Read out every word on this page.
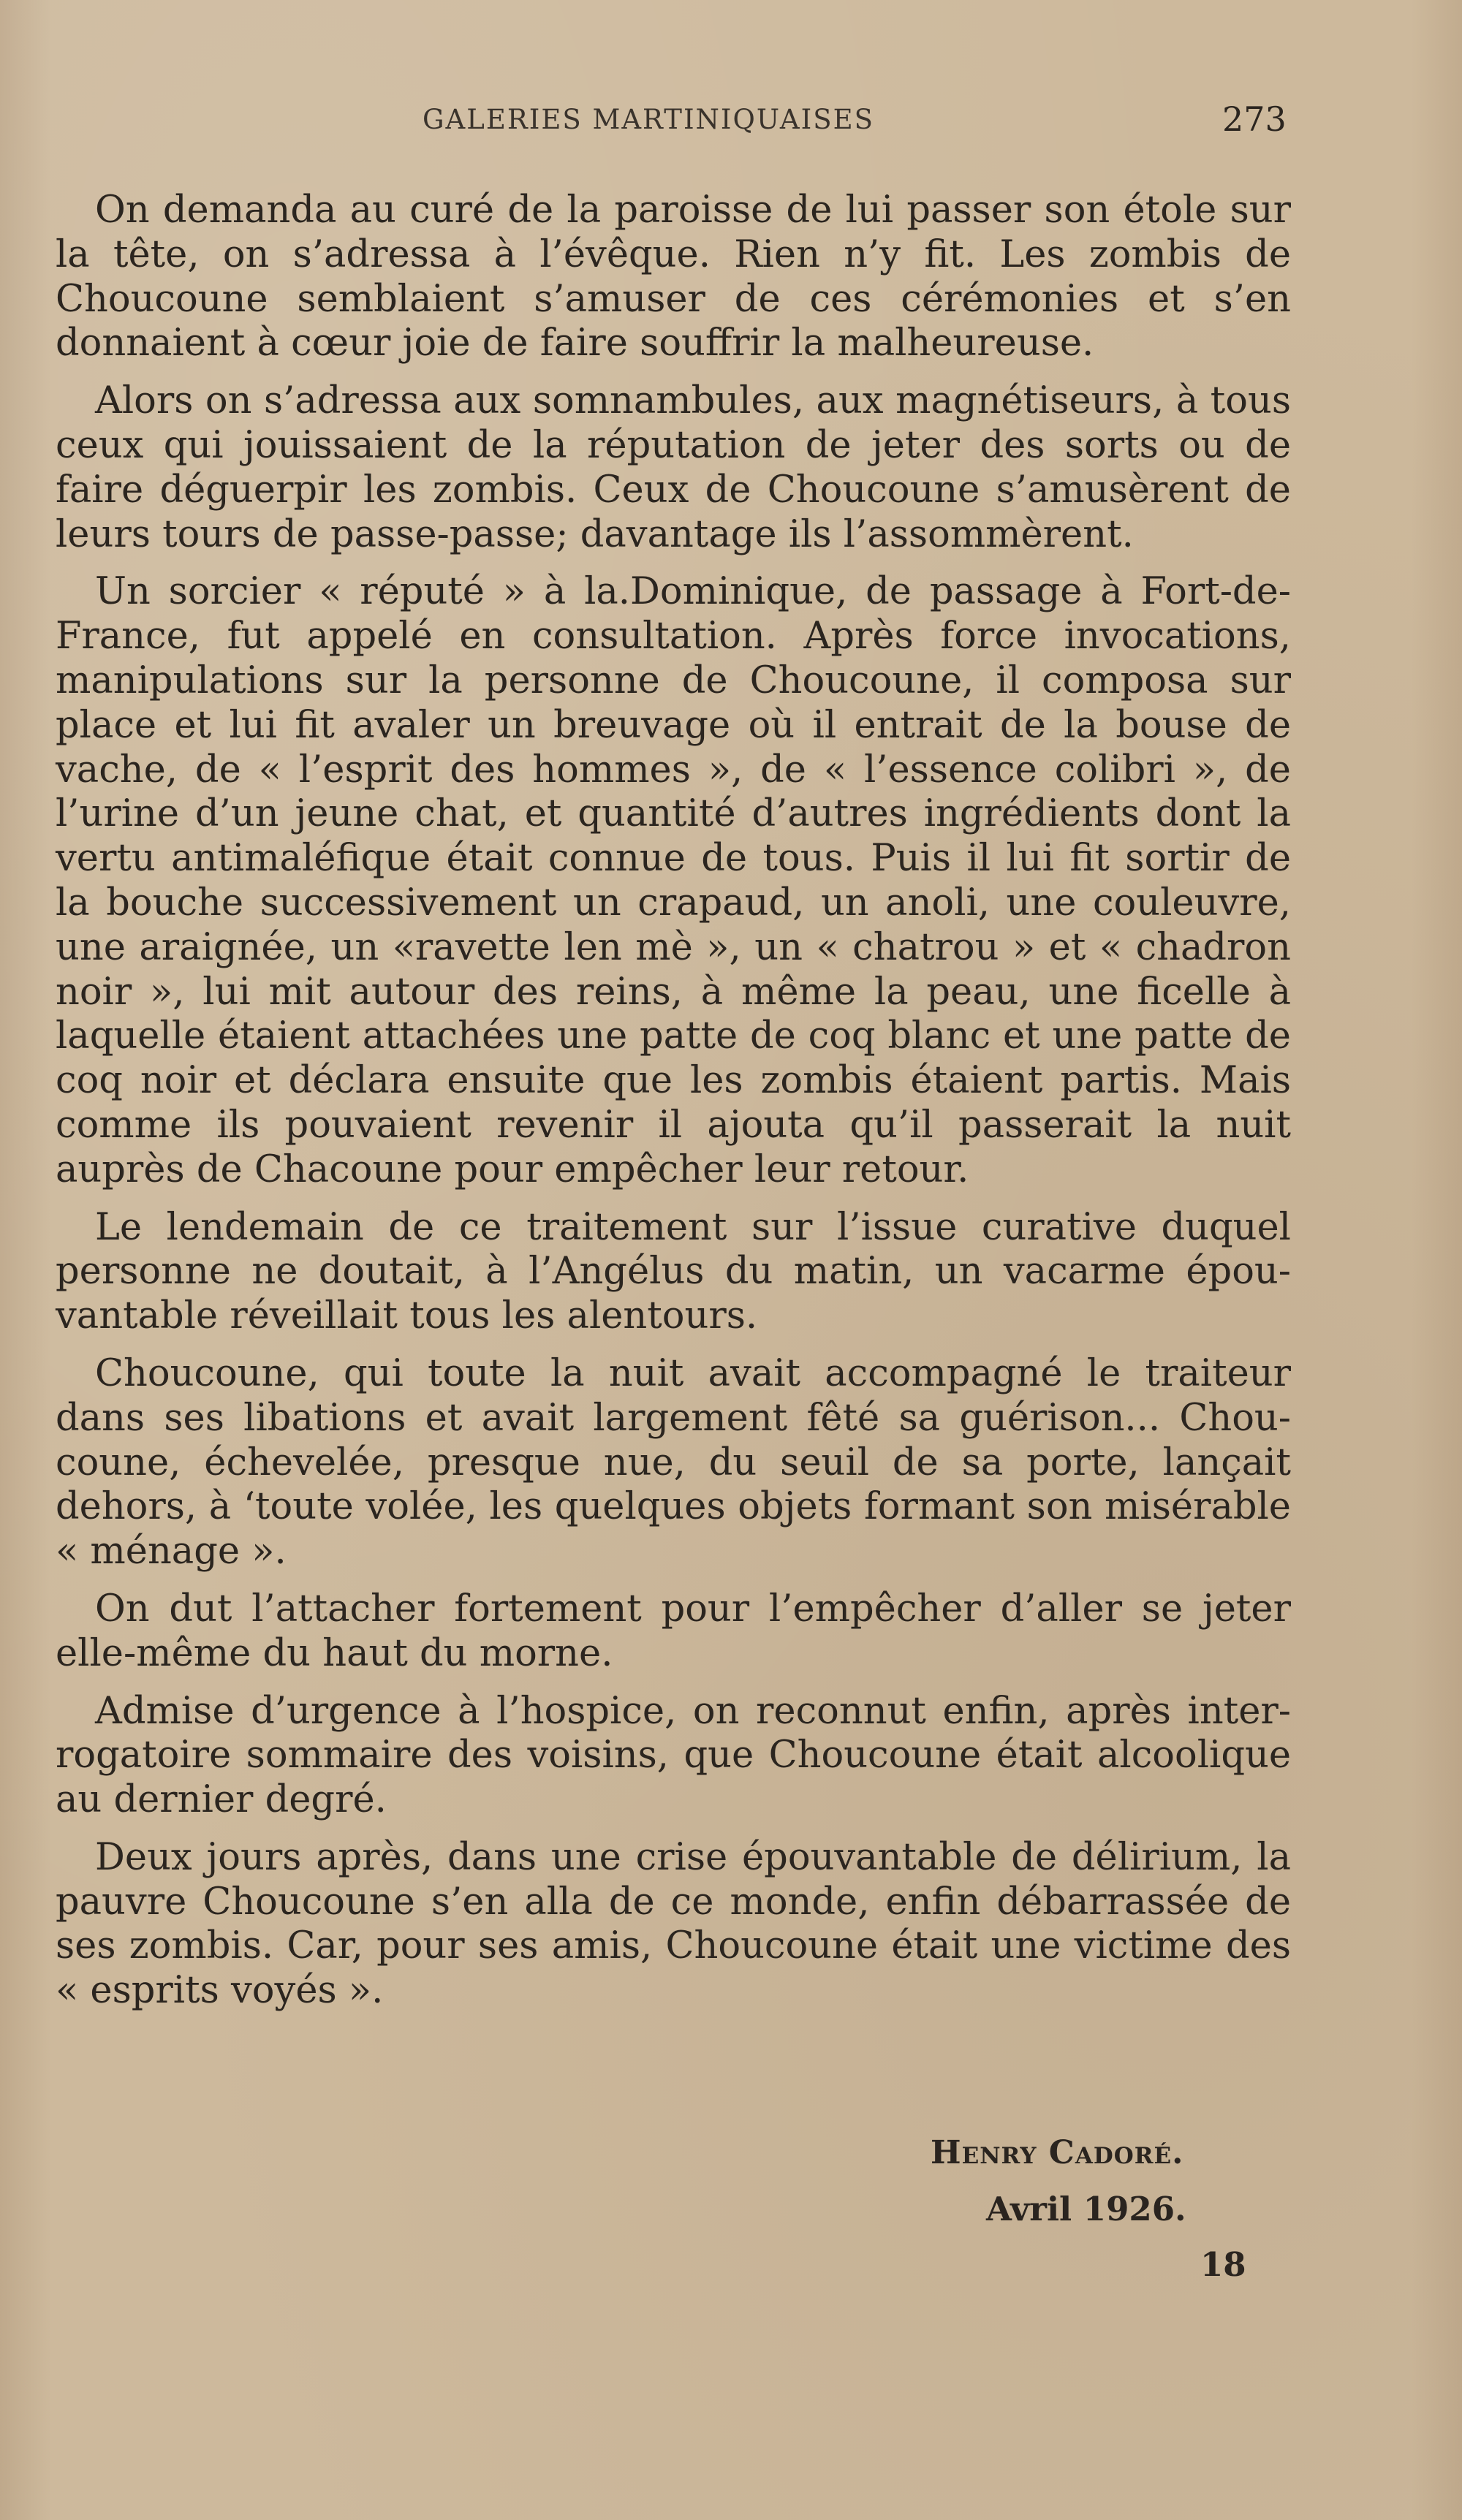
GALERIES MARTINIQUAISES	273

On demanda au curé de la paroisse de lui passer son étole sur la tête, on s’adressa à l’évêque. Rien n’y fit. Les zombis de Choucoune semblaient s’amuser de ces cérémonies et s’en donnaient à cœur joie de faire souffrir la malheureuse.

Alors on s’adressa aux somnambules, aux magnétiseurs, à tous ceux qui jouissaient de la réputation de jeter des sorts ou de faire déguerpir les zombis. Ceux de Choucoune s’amusèrent de leurs tours de passe-passe; davantage ils l’assommèrent.

Un sorcier « réputé » à la.Dominique, de passage à Fort-de-France, fut appelé en consultation. Après force invocations, manipulations sur la personne de Choucoune, il composa sur place et lui fit avaler un breuvage où il entrait de la bouse de vache, de « l’esprit des hommes », de « l’essence colibri », de l’urine d’un jeune chat, et quantité d’autres ingrédients dont la vertu antimaléfique était connue de tous. Puis il lui fit sortir de la bouche successivement un crapaud, un anoli, une couleuvre, une araignée, un «ravette len mè », un « chatrou » et « chadron noir », lui mit autour des reins, à même la peau, une ficelle à laquelle étaient attachées une patte de coq blanc et une patte de coq noir et déclara ensuite que les zombis étaient partis. Mais comme ils pouvaient revenir il ajouta qu’il passerait la nuit auprès de Chacoune pour empêcher leur retour.

Le lendemain de ce traitement sur l’issue curative duquel personne ne doutait, à l’Angélus du matin, un vacarme épouvantable réveillait tous les alentours.

Choucoune, qui toute la nuit avait accompagné le traiteur dans ses libations et avait largement fêté sa guérison... Choucoune, échevelée, presque nue, du seuil de sa porte, lançait dehors, à ‘toute volée, les quelques objets formant son misérable « ménage ».

On dut l’attacher fortement pour l’empêcher d’aller se jeter elle-même du haut du morne.

Admise d’urgence à l’hospice, on reconnut enfin, après interrogatoire sommaire des voisins, que Choucoune était alcoolique au dernier degré.

Deux jours après, dans une crise épouvantable de délirium, la pauvre Choucoune s’en alla de ce monde, enfin débarrassée de ses zombis. Car, pour ses amis, Choucoune était une victime des « esprits voyés ».

Henry Cadoré.
Avril 1926.
18
